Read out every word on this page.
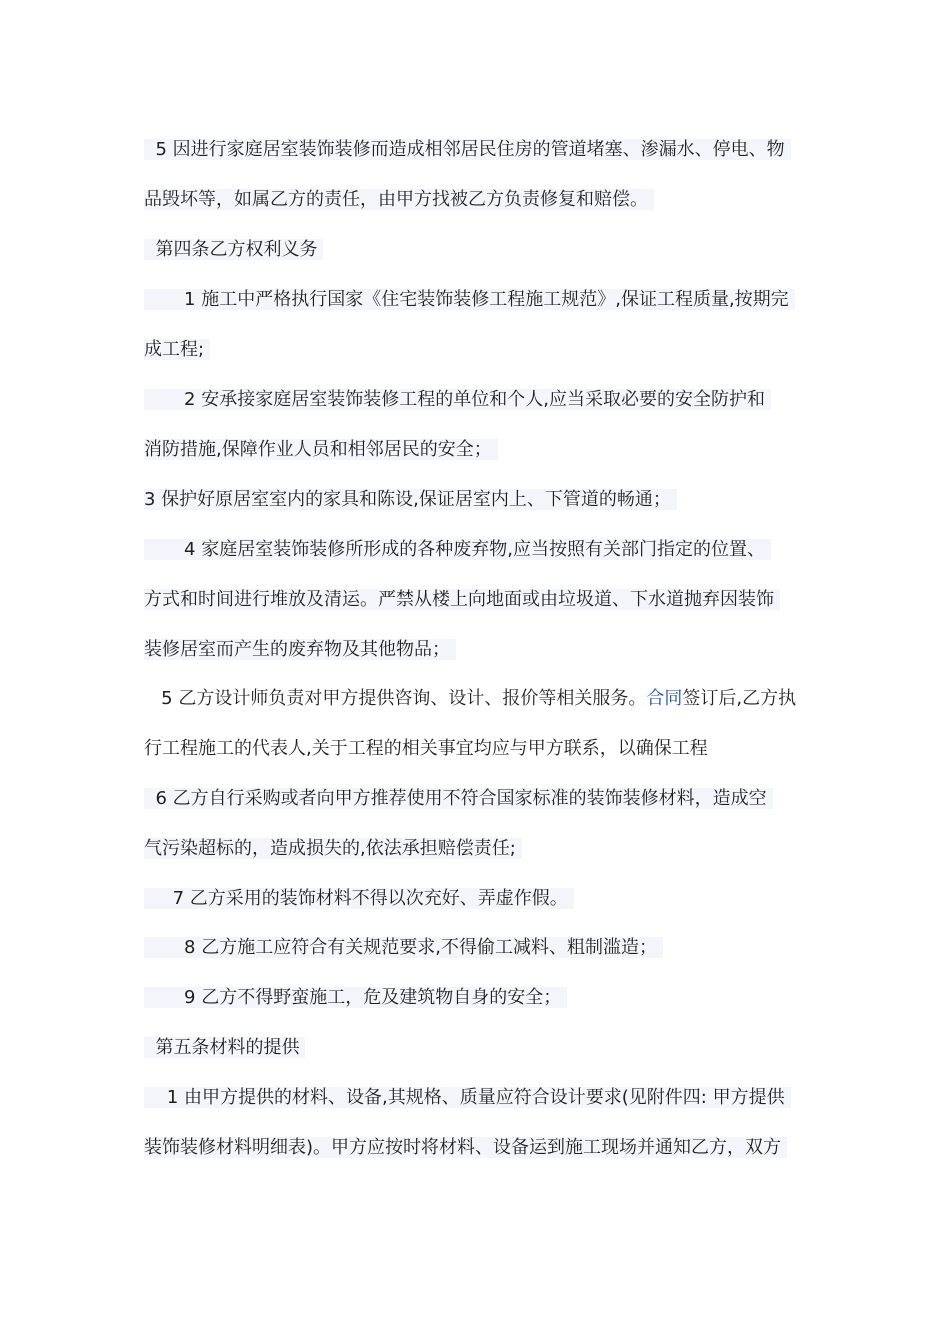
5 因进行家庭居室装饰装修而造成相邻居民住房的管道堵塞、渗漏水、停电、物
品毁坏等，如属乙方的责任，由甲方找被乙方负责修复和赔偿。
第四条乙方权利义务
1 施工中严格执行国家《住宅装饰装修工程施工规范》,保证工程质量,按期完
成工程;
2 安承接家庭居室装饰装修工程的单位和个人,应当采取必要的安全防护和
消防措施,保障作业人员和相邻居民的安全；
3 保护好原居室室内的家具和陈设,保证居室内上、下管道的畅通；
4 家庭居室装饰装修所形成的各种废弃物,应当按照有关部门指定的位置、
方式和时间进行堆放及清运。严禁从楼上向地面或由垃圾道、下水道抛弃因装饰
装修居室而产生的废弃物及其他物品；
5 乙方设计师负责对甲方提供咨询、设计、报价等相关服务。合同签订后,乙方执
行工程施工的代表人,关于工程的相关事宜均应与甲方联系，以确保工程
6 乙方自行采购或者向甲方推荐使用不符合国家标准的装饰装修材料，造成空
气污染超标的，造成损失的,依法承担赔偿责任;
7 乙方采用的装饰材料不得以次充好、弄虚作假。
8 乙方施工应符合有关规范要求,不得偷工减料、粗制滥造；
9 乙方不得野蛮施工，危及建筑物自身的安全；
第五条材料的提供
1 由甲方提供的材料、设备,其规格、质量应符合设计要求(见附件四: 甲方提供
装饰装修材料明细表)。甲方应按时将材料、设备运到施工现场并通知乙方，双方
